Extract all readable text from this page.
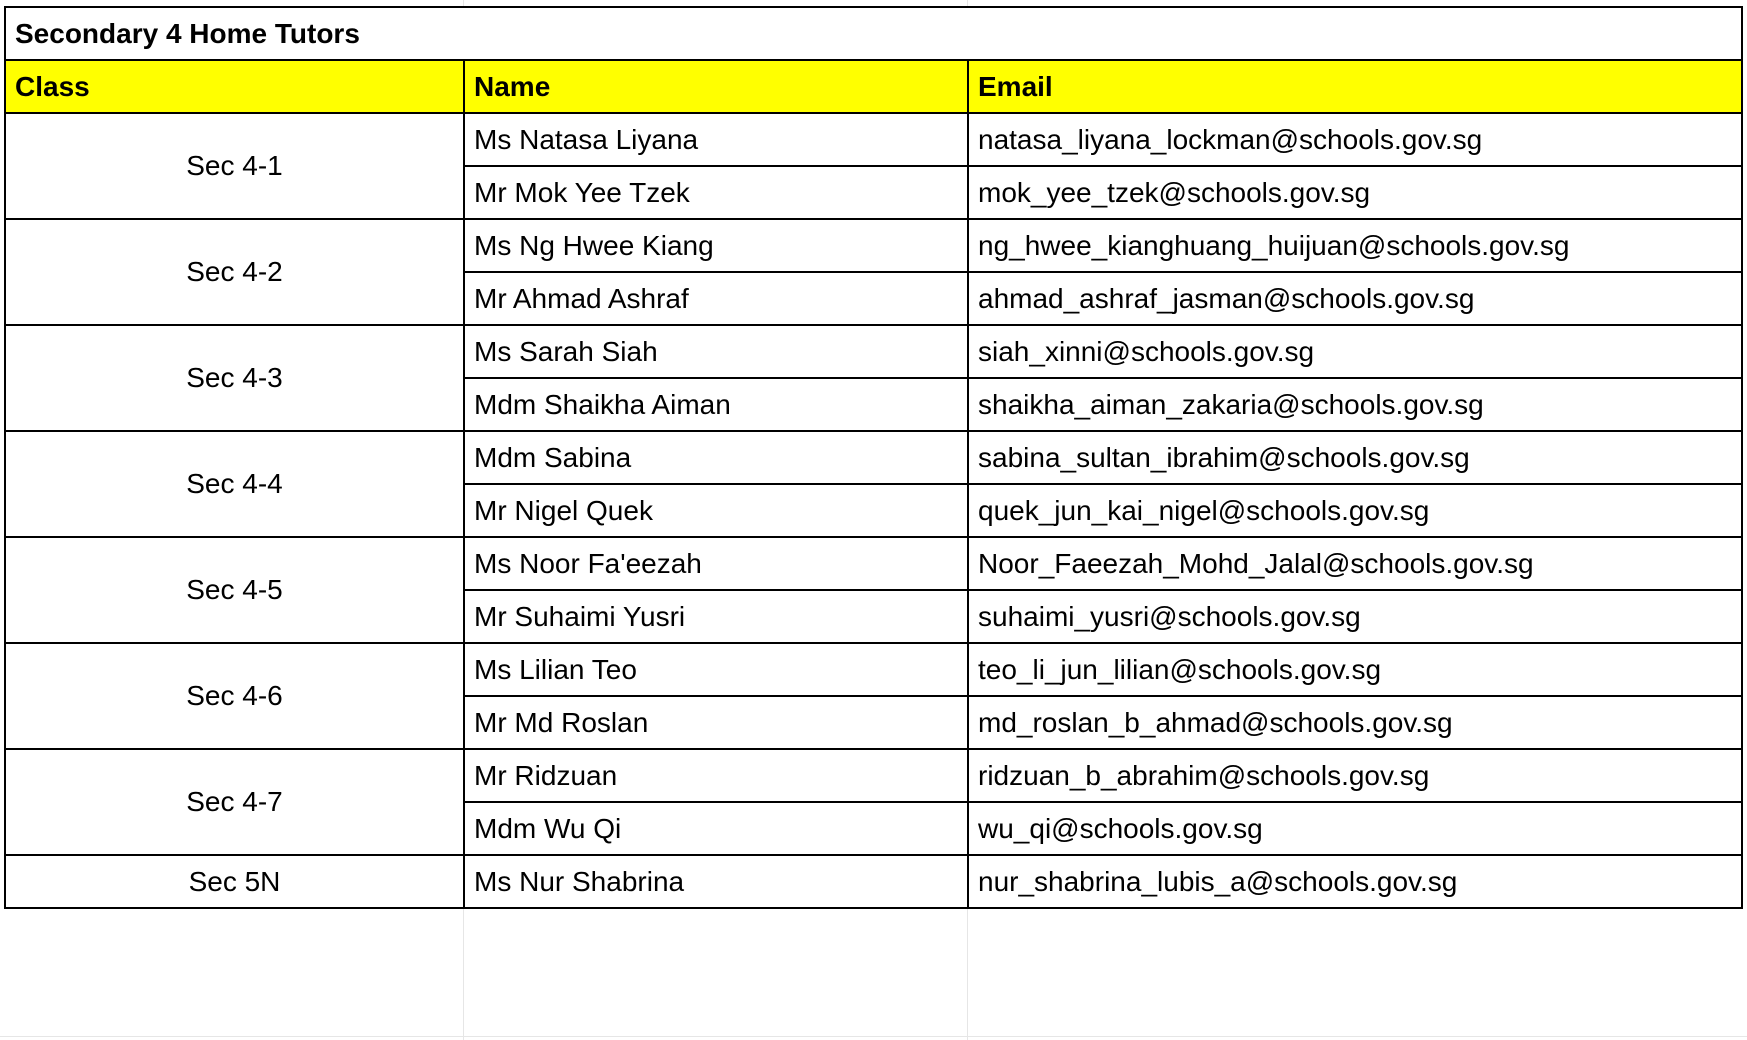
Secondary 4 Home Tutors		
Class	Name	Email
Sec 4-1	Ms Natasa Liyana	natasa_liyana_lockman@schools.gov.sg
	Mr Mok Yee Tzek	mok_yee_tzek@schools.gov.sg
Sec 4-2	Ms Ng Hwee Kiang	ng_hwee_kianghuang_huijuan@schools.gov.sg
	Mr Ahmad Ashraf	ahmad_ashraf_jasman@schools.gov.sg
Sec 4-3	Ms Sarah Siah	siah_xinni@schools.gov.sg
	Mdm Shaikha Aiman	shaikha_aiman_zakaria@schools.gov.sg
Sec 4-4	Mdm Sabina	sabina_sultan_ibrahim@schools.gov.sg
	Mr Nigel Quek	quek_jun_kai_nigel@schools.gov.sg
Sec 4-5	Ms Noor Fa'eezah	Noor_Faeezah_Mohd_Jalal@schools.gov.sg
	Mr Suhaimi Yusri	suhaimi_yusri@schools.gov.sg
Sec 4-6	Ms Lilian Teo	teo_li_jun_lilian@schools.gov.sg
	Mr Md Roslan	md_roslan_b_ahmad@schools.gov.sg
Sec 4-7	Mr Ridzuan	ridzuan_b_abrahim@schools.gov.sg
	Mdm Wu Qi	wu_qi@schools.gov.sg
Sec 5N	Ms Nur Shabrina	nur_shabrina_lubis_a@schools.gov.sg
